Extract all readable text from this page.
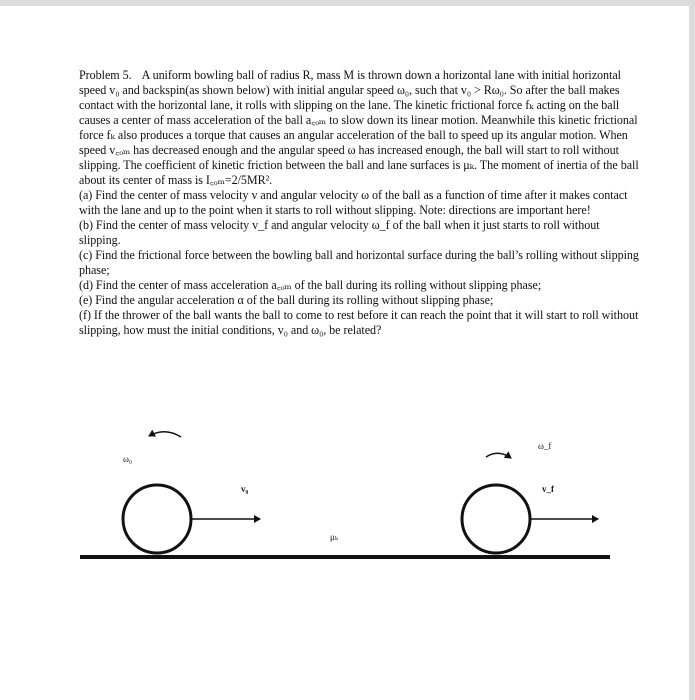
Problem 5. A uniform bowling ball of radius R, mass M is thrown down a horizontal lane with initial horizontal speed v₀ and backspin(as shown below) with initial angular speed ω₀, such that v₀ > Rω₀. So after the ball makes contact with the horizontal lane, it rolls with slipping on the lane. The kinetic frictional force fₖ acting on the ball causes a center of mass acceleration of the ball a꜀ₒₘ to slow down its linear motion. Meanwhile this kinetic frictional force fₖ also produces a torque that causes an angular acceleration of the ball to speed up its angular motion. When speed v꜀ₒₘ has decreased enough and the angular speed ω has increased enough, the ball will start to roll without slipping. The coefficient of kinetic friction between the ball and lane surfaces is μₖ. The moment of inertia of the ball about its center of mass is I꜀ₒₘ=2/5MR².

(a) Find the center of mass velocity v and angular velocity ω of the ball as a function of time after it makes contact with the lane and up to the point when it starts to roll without slipping. Note: directions are important here!

(b) Find the center of mass velocity v_f and angular velocity ω_f of the ball when it just starts to roll without slipping.

(c) Find the frictional force between the bowling ball and horizontal surface during the ball’s rolling without slipping phase;

(d) Find the center of mass acceleration a꜀ₒₘ of the ball during its rolling without slipping phase;

(e) Find the angular acceleration α of the ball during its rolling without slipping phase;

(f) If the thrower of the ball wants the ball to come to rest before it can reach the point that it will start to roll without slipping, how must the initial conditions, v₀ and ω₀, be related?

v₀
ω₀
μₖ
v_f
ω_f
